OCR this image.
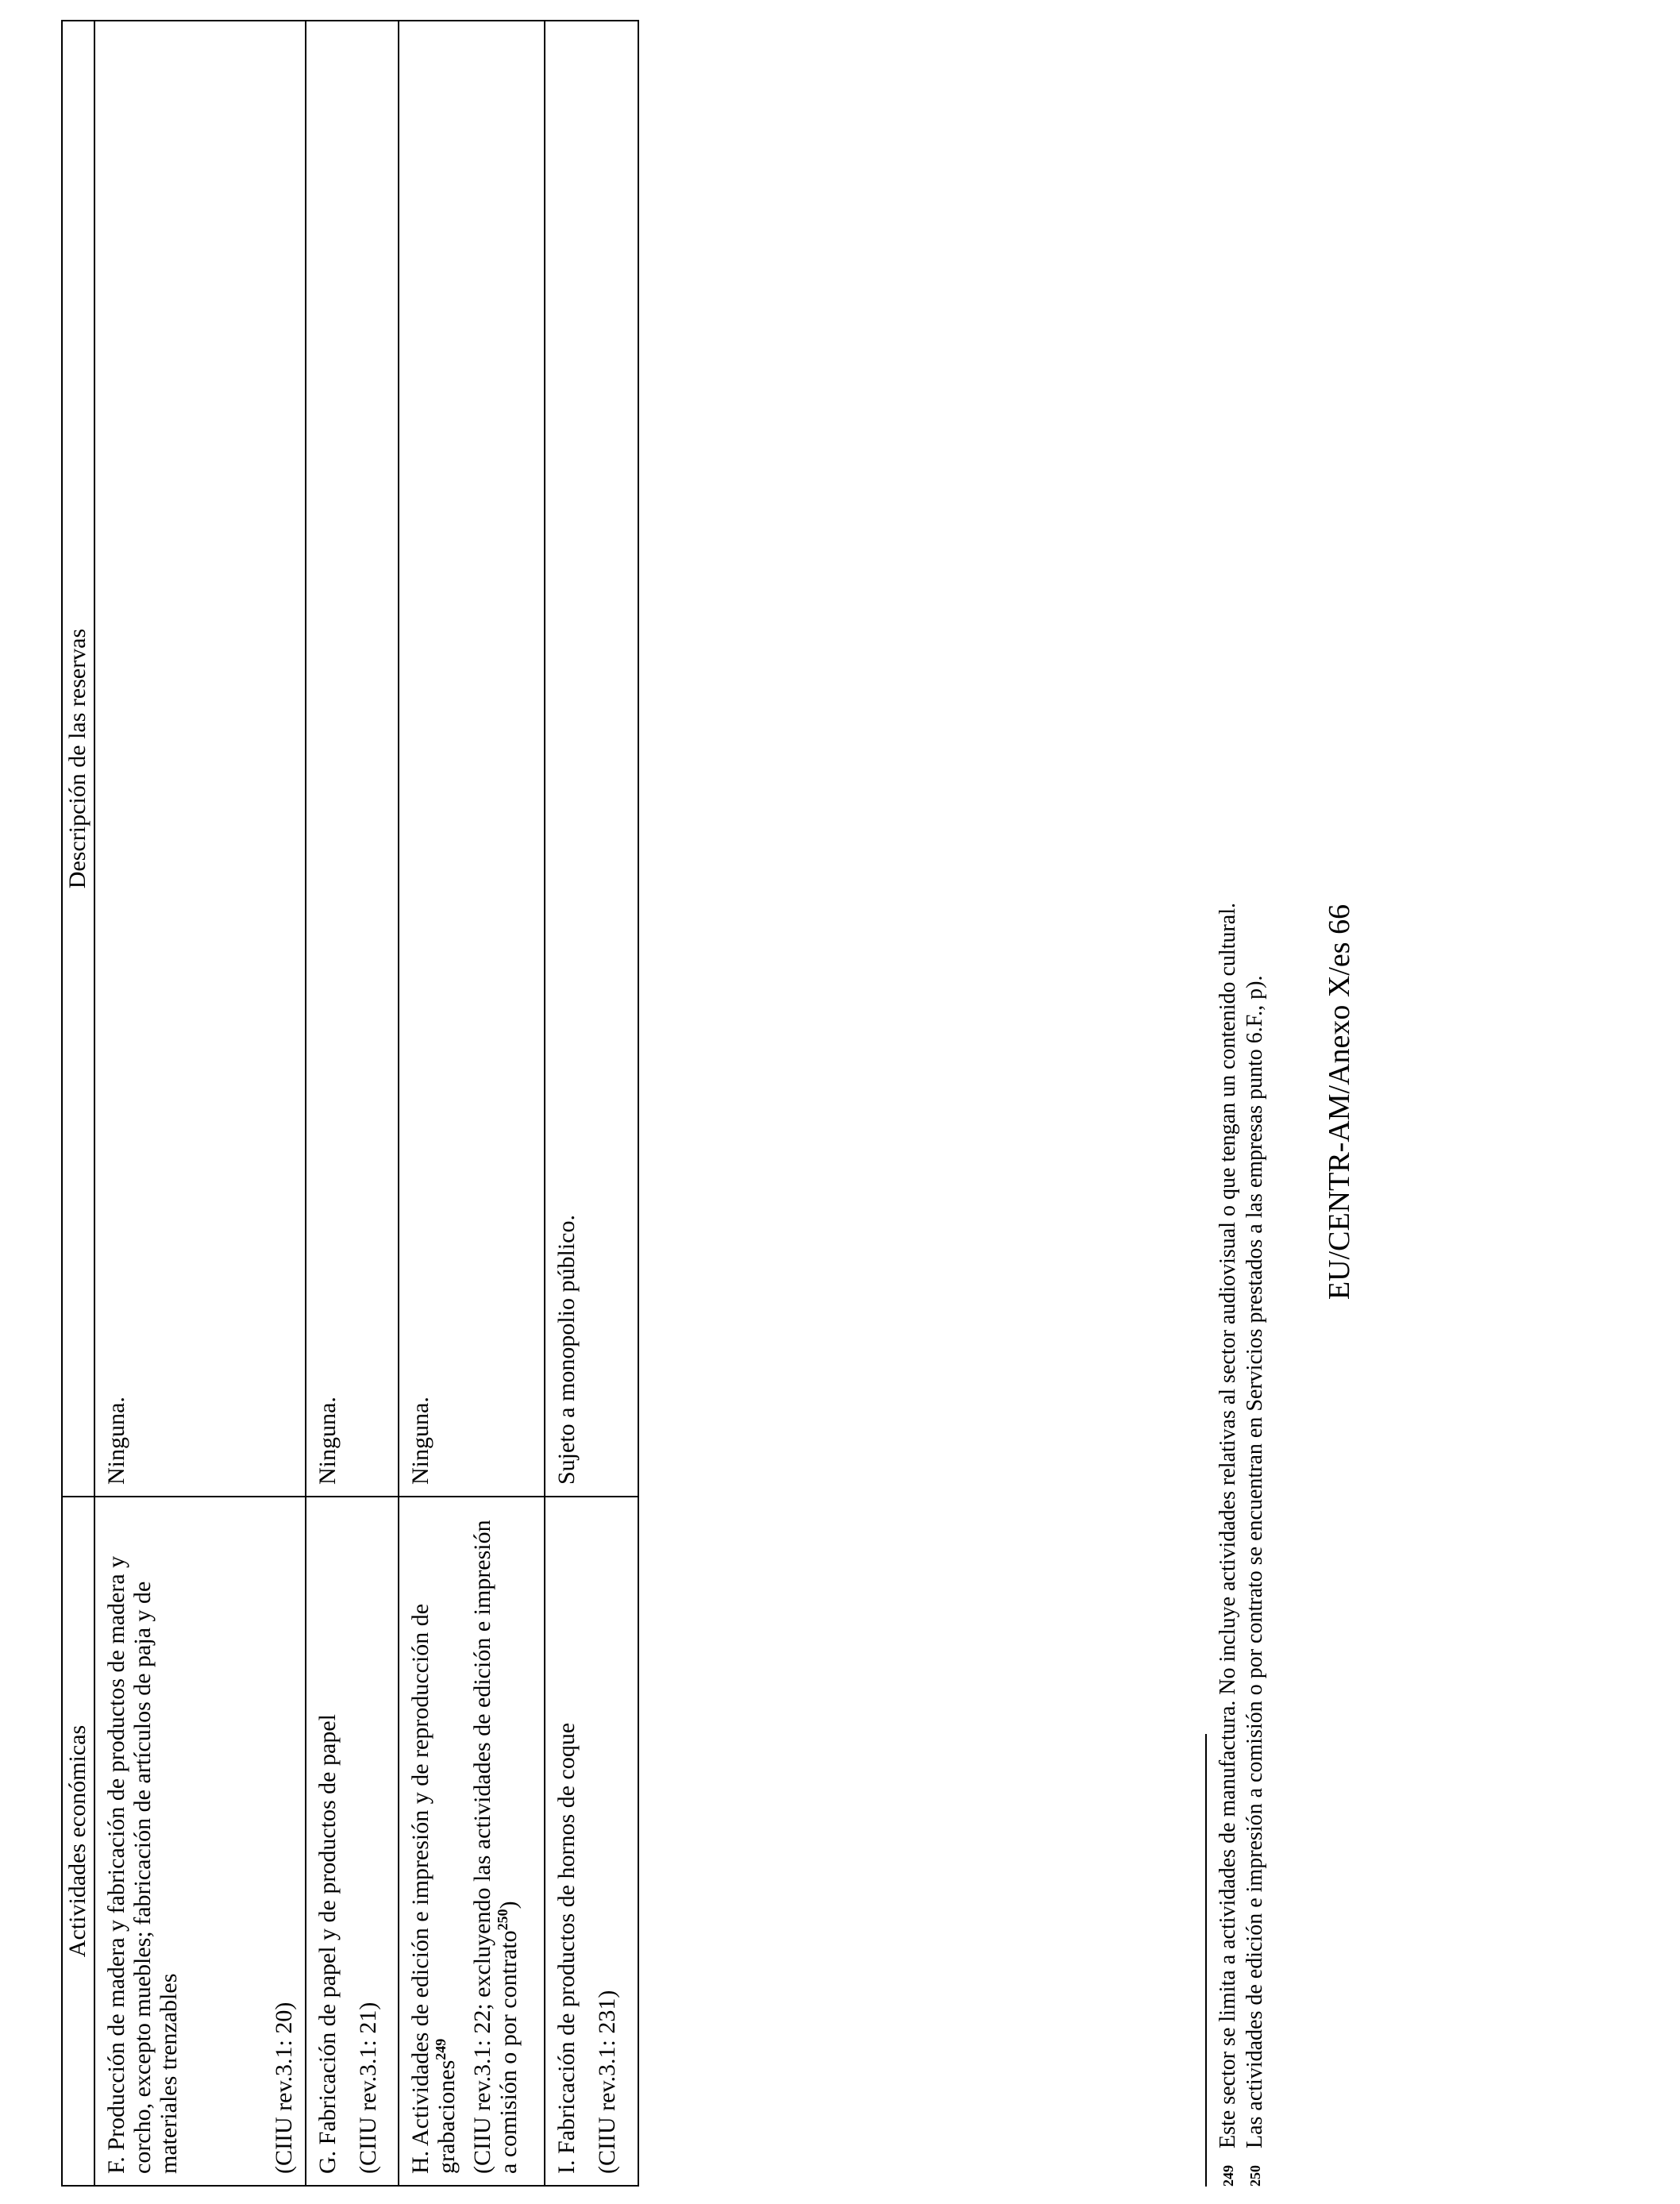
Actividades económicas	Descripción de las reservas

F. Producción de madera y fabricación de productos de madera y corcho, excepto muebles; fabricación de artículos de paja y de materiales trenzables (CIIU rev.3.1: 20)	Ninguna.

G. Fabricación de papel y de productos de papel (CIIU rev.3.1: 21)	Ninguna.

H. Actividades de edición e impresión y de reproducción de grabaciones$^{249}$ (CIIU rev.3.1: 22; excluyendo las actividades de edición e impresión a comisión o por contrato$^{250}$)	Ninguna.

I. Fabricación de productos de hornos de coque (CIIU rev.3.1: 231)	Sujeto a monopolio público.
249
Este sector se limita a actividades de manufactura. No incluye actividades relativas al sector audiovisual o que tengan un contenido cultural.
250
Las actividades de edición e impresión a comisión o por contrato se encuentran en Servicios prestados a las empresas punto 6.F., p). EU/CENTR-AM/Anexo X/es 66
